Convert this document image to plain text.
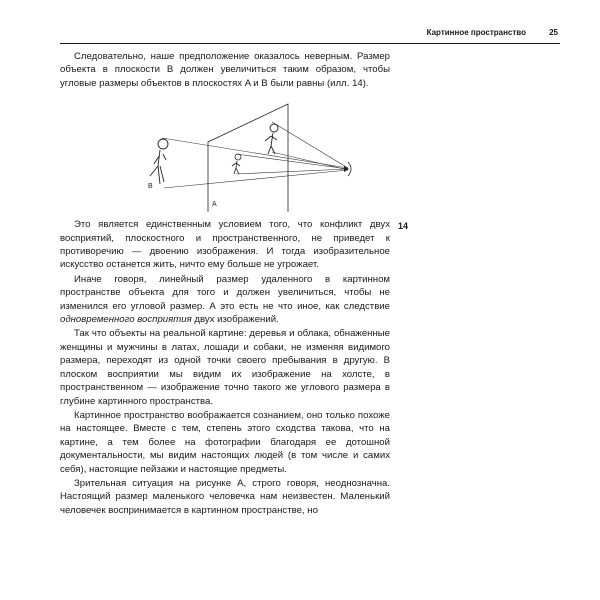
Картинное пространство	25

Следовательно, наше предположение оказалось неверным. Размер объекта в плоскости B должен увеличиться таким образом, чтобы угловые размеры объектов в плоскостях A и B были равны (илл. 14).

B
A

Это является единственным условием того, что конфликт двух восприятий, плоскостного и пространственного, не приведет к противоречию — двоению изображения. И тогда изобразительное искусство останется жить, ничто ему больше не угрожает.

Иначе говоря, линейный размер удаленного в картинном пространстве объекта для того и должен увеличиться, чтобы не изменился его угловой размер. А это есть не что иное, как следствие одновременного восприятия двух изображений.

Так что объекты на реальной картине: деревья и облака, обнаженные женщины и мужчины в латах, лошади и собаки, не изменяя видимого размера, переходят из одной точки своего пребывания в другую. В плоском восприятии мы видим их изображение на холсте, в пространственном — изображение точно такого же углового размера в глубине картинного пространства.

Картинное пространство воображается сознанием, оно только похоже на настоящее. Вместе с тем, степень этого сходства такова, что на картине, а тем более на фотографии благодаря ее дотошной документальности, мы видим настоящих людей (в том числе и самих себя), настоящие пейзажи и настоящие предметы.

Зрительная ситуация на рисунке А, строго говоря, неоднозначна. Настоящий размер маленького человечка нам неизвестен. Маленький человечек воспринимается в картинном пространстве, но

14
